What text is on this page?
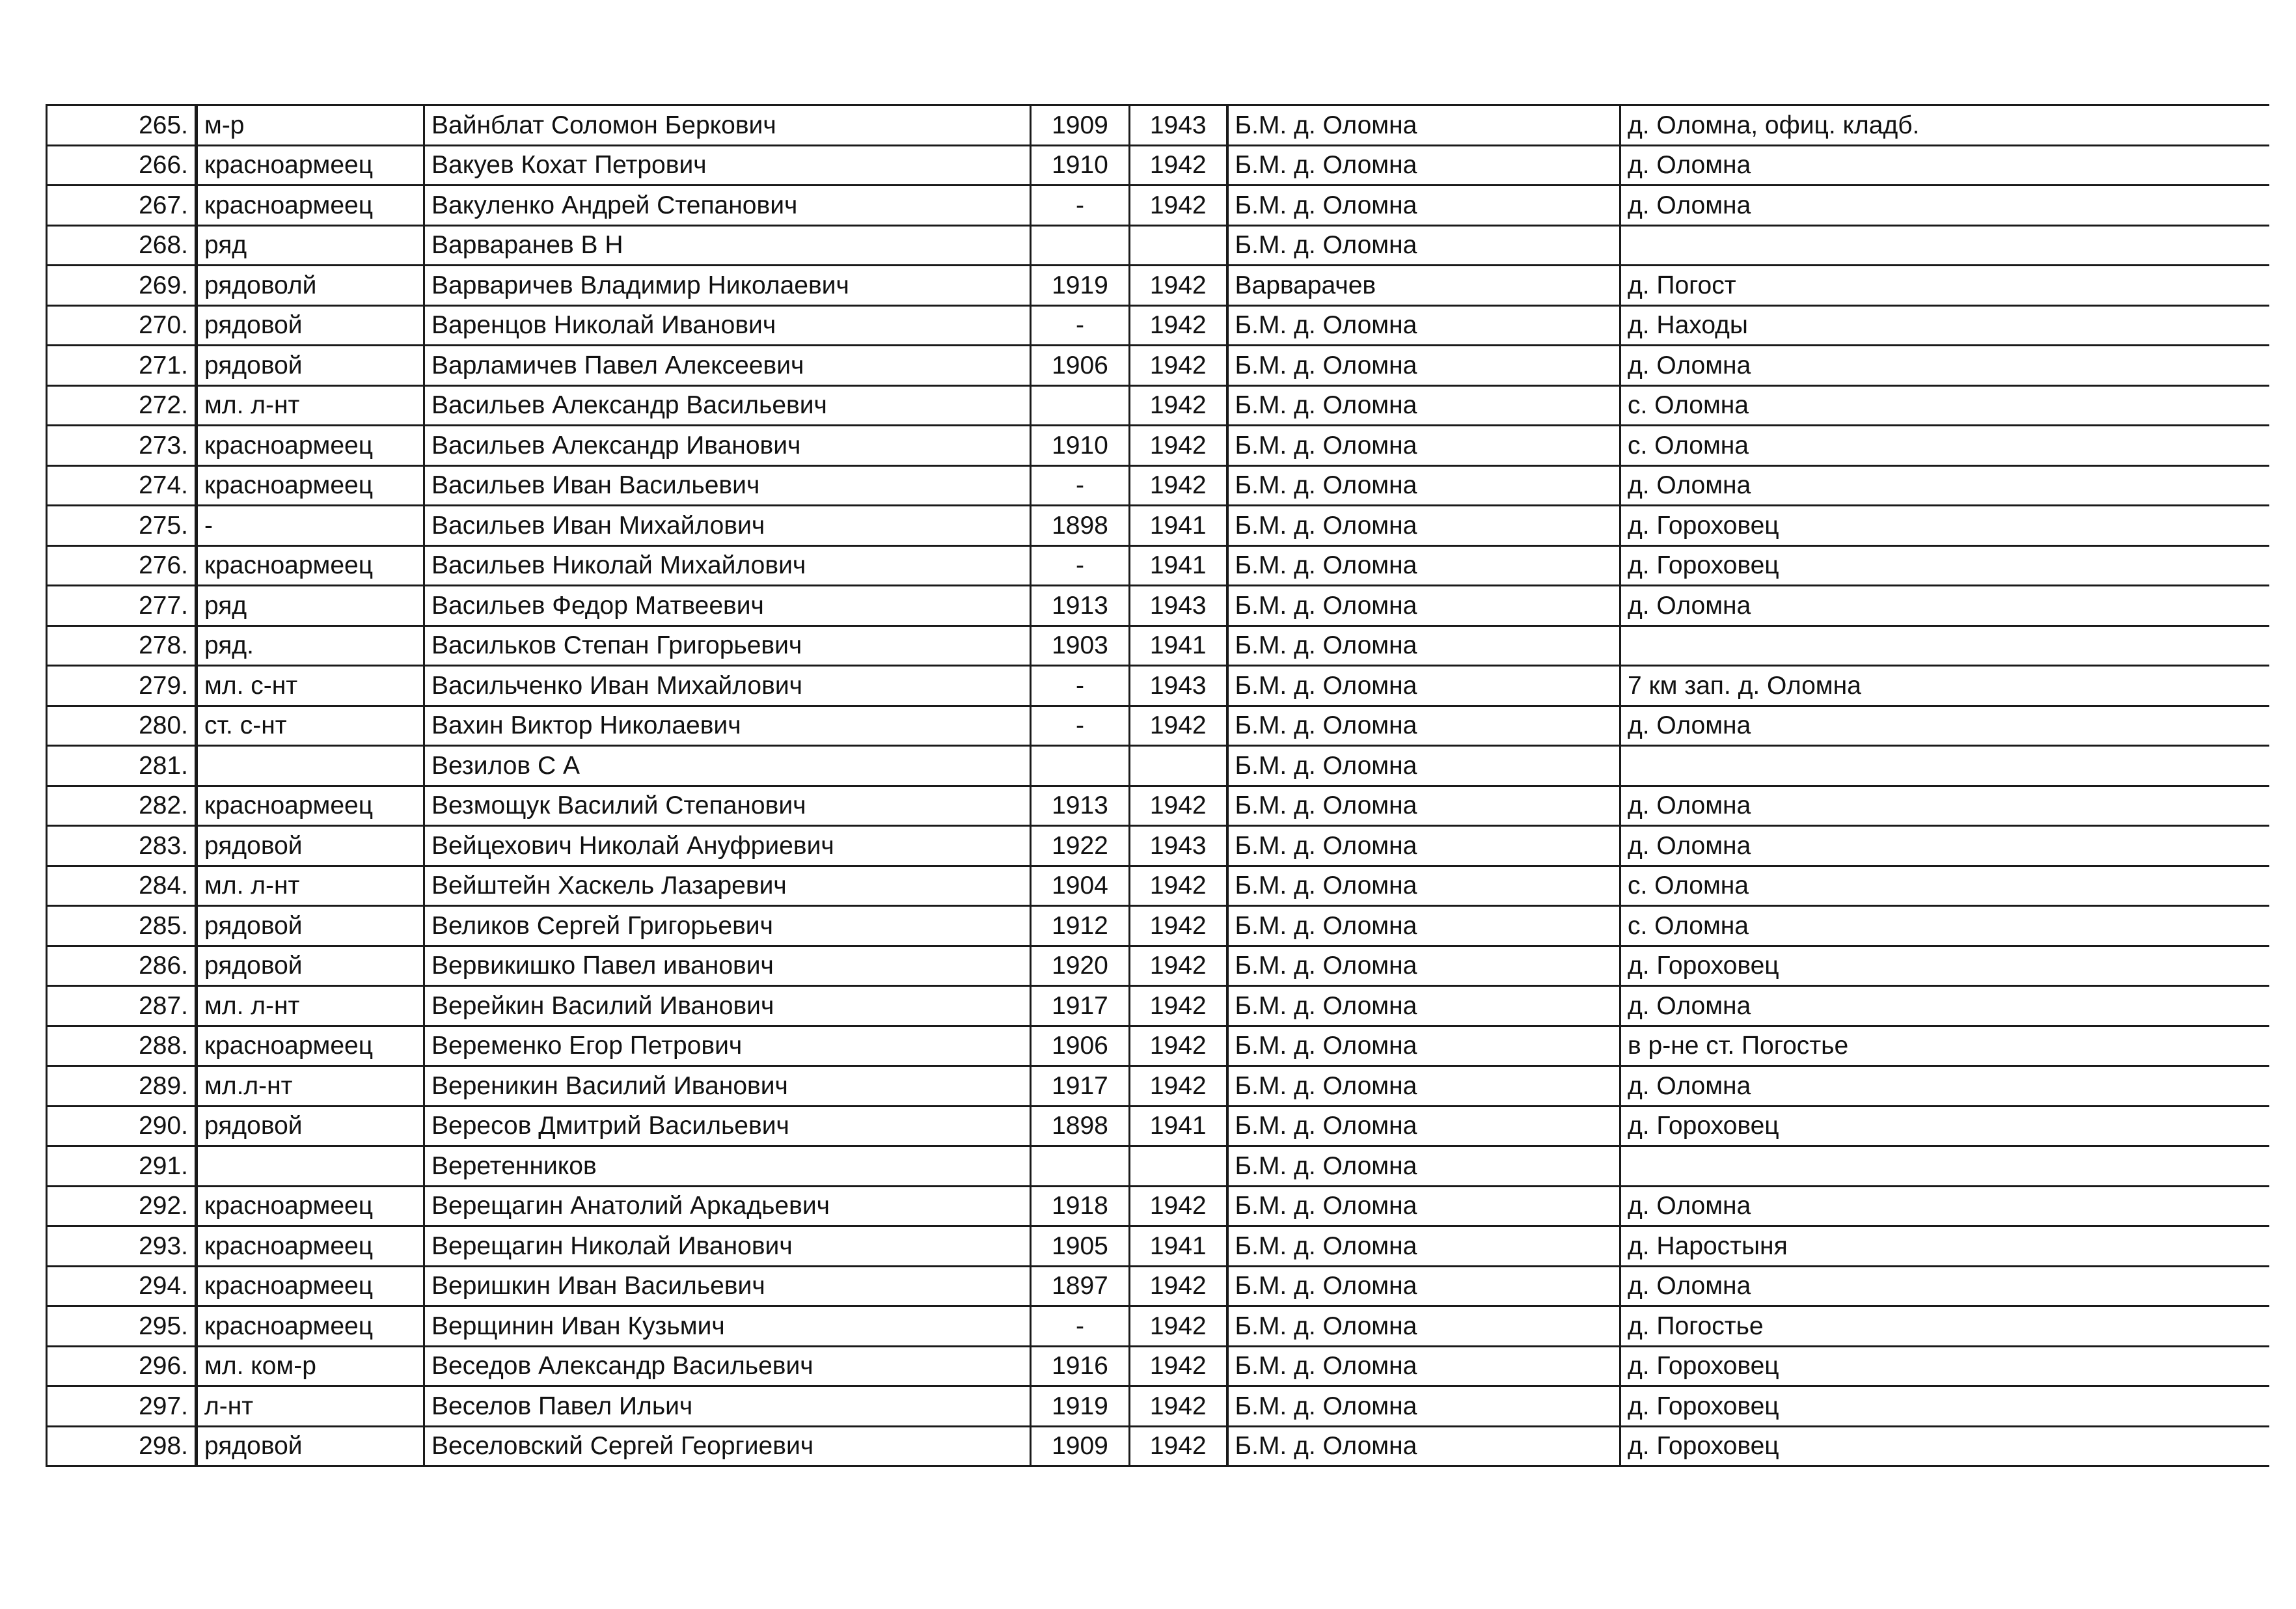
265.	м-р	Вайнблат Соломон Беркович	1909	1943	Б.М. д. Оломна	д. Оломна, офиц. кладб.
266.	красноармеец	Вакуев Кохат Петрович	1910	1942	Б.М. д. Оломна	д. Оломна
267.	красноармеец	Вакуленко Андрей Степанович	-	1942	Б.М. д. Оломна	д. Оломна
268.	ряд	Варваранев В Н			Б.М. д. Оломна	
269.	рядоволй	Варваричев Владимир Николаевич	1919	1942	Варварачев	д. Погост
270.	рядовой	Варенцов Николай Иванович	-	1942	Б.М. д. Оломна	д. Находы
271.	рядовой	Варламичев Павел Алексеевич	1906	1942	Б.М. д. Оломна	д. Оломна
272.	мл. л-нт	Васильев Александр Васильевич		1942	Б.М. д. Оломна	с. Оломна
273.	красноармеец	Васильев Александр Иванович	1910	1942	Б.М. д. Оломна	с. Оломна
274.	красноармеец	Васильев Иван Васильевич	-	1942	Б.М. д. Оломна	д. Оломна
275.	-	Васильев Иван Михайлович	1898	1941	Б.М. д. Оломна	д. Гороховец
276.	красноармеец	Васильев Николай Михайлович	-	1941	Б.М. д. Оломна	д. Гороховец
277.	ряд	Васильев Федор Матвеевич	1913	1943	Б.М. д. Оломна	д. Оломна
278.	ряд.	Васильков Степан Григорьевич	1903	1941	Б.М. д. Оломна	
279.	мл. с-нт	Васильченко Иван Михайлович	-	1943	Б.М. д. Оломна	7 км зап. д. Оломна
280.	ст. с-нт	Вахин Виктор Николаевич	-	1942	Б.М. д. Оломна	д. Оломна
281.		Везилов С А			Б.М. д. Оломна	
282.	красноармеец	Везмощук Василий Степанович	1913	1942	Б.М. д. Оломна	д. Оломна
283.	рядовой	Вейцехович Николай Ануфриевич	1922	1943	Б.М. д. Оломна	д. Оломна
284.	мл. л-нт	Вейштейн Хаскель Лазаревич	1904	1942	Б.М. д. Оломна	с. Оломна
285.	рядовой	Великов Сергей Григорьевич	1912	1942	Б.М. д. Оломна	с. Оломна
286.	рядовой	Вервикишко Павел иванович	1920	1942	Б.М. д. Оломна	д. Гороховец
287.	мл. л-нт	Верейкин Василий Иванович	1917	1942	Б.М. д. Оломна	д. Оломна
288.	красноармеец	Веременко Егор Петрович	1906	1942	Б.М. д. Оломна	в р-не ст. Погостье
289.	мл.л-нт	Вереникин Василий Иванович	1917	1942	Б.М. д. Оломна	д. Оломна
290.	рядовой	Вересов Дмитрий Васильевич	1898	1941	Б.М. д. Оломна	д. Гороховец
291.		Веретенников			Б.М. д. Оломна	
292.	красноармеец	Верещагин Анатолий Аркадьевич	1918	1942	Б.М. д. Оломна	д. Оломна
293.	красноармеец	Верещагин Николай Иванович	1905	1941	Б.М. д. Оломна	д. Наростыня
294.	красноармеец	Веришкин Иван Васильевич	1897	1942	Б.М. д. Оломна	д. Оломна
295.	красноармеец	Верщинин Иван Кузьмич	-	1942	Б.М. д. Оломна	д. Погостье
296.	мл. ком-р	Веседов Александр Васильевич	1916	1942	Б.М. д. Оломна	д. Гороховец
297.	л-нт	Веселов Павел Ильич	1919	1942	Б.М. д. Оломна	д. Гороховец
298.	рядовой	Веселовский Сергей Георгиевич	1909	1942	Б.М. д. Оломна	д. Гороховец
